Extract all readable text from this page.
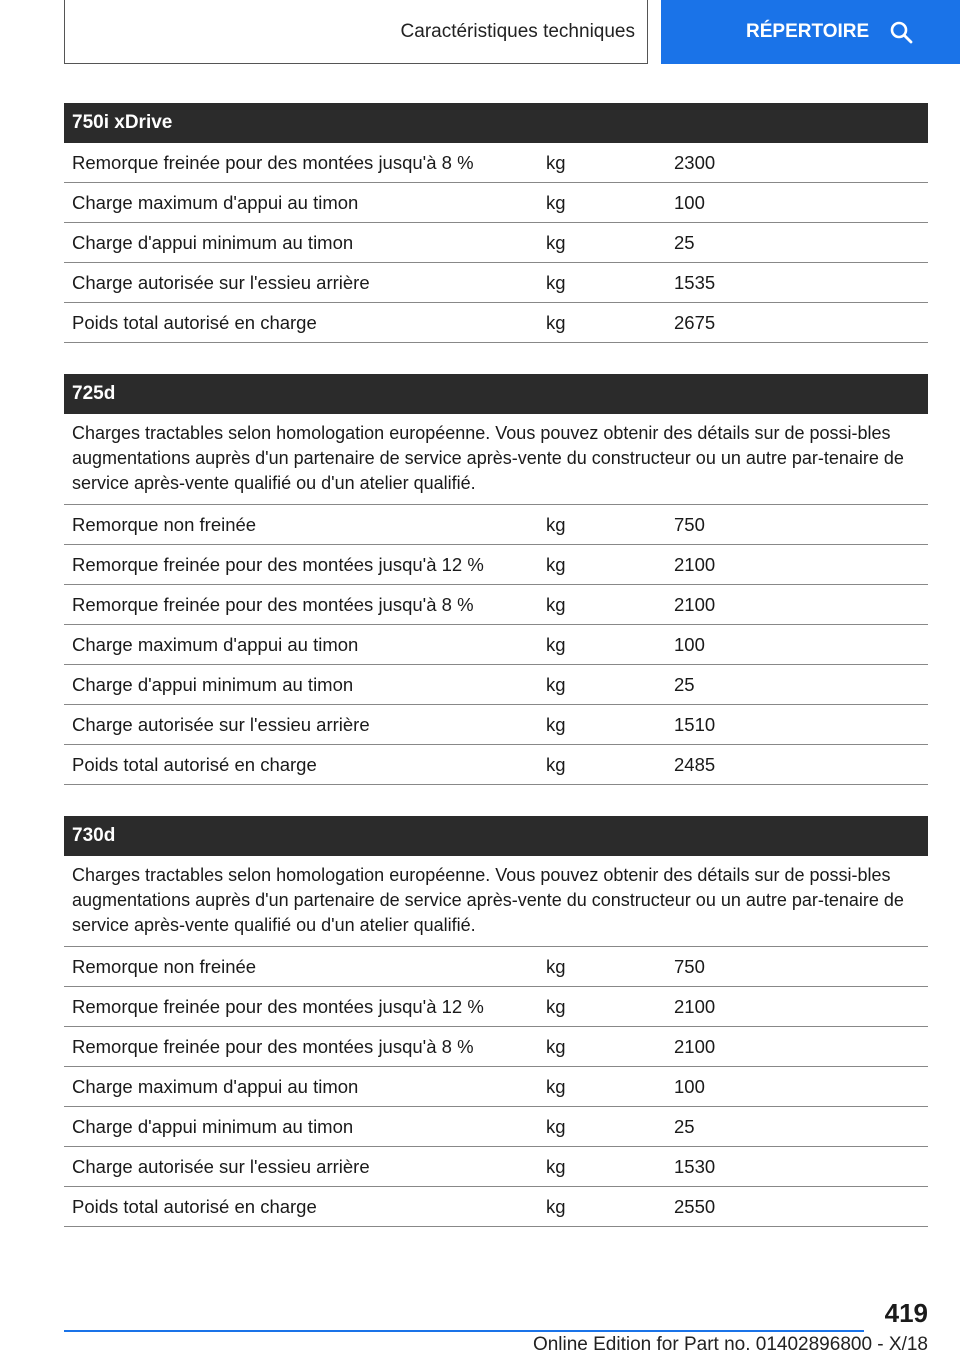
Caractéristiques techniques	RÉPERTOIRE
750i xDrive
Remorque freinée pour des montées jusqu'à 8 %	kg	2300
Charge maximum d'appui au timon	kg	100
Charge d'appui minimum au timon	kg	25
Charge autorisée sur l'essieu arrière	kg	1535
Poids total autorisé en charge	kg	2675
725d
Charges tractables selon homologation européenne. Vous pouvez obtenir des détails sur de possi-bles augmentations auprès d'un partenaire de service après-vente du constructeur ou un autre par-tenaire de service après-vente qualifié ou d'un atelier qualifié.
Remorque non freinée	kg	750
Remorque freinée pour des montées jusqu'à 12 %	kg	2100
Remorque freinée pour des montées jusqu'à 8 %	kg	2100
Charge maximum d'appui au timon	kg	100
Charge d'appui minimum au timon	kg	25
Charge autorisée sur l'essieu arrière	kg	1510
Poids total autorisé en charge	kg	2485
730d
Charges tractables selon homologation européenne. Vous pouvez obtenir des détails sur de possi-bles augmentations auprès d'un partenaire de service après-vente du constructeur ou un autre par-tenaire de service après-vente qualifié ou d'un atelier qualifié.
Remorque non freinée	kg	750
Remorque freinée pour des montées jusqu'à 12 %	kg	2100
Remorque freinée pour des montées jusqu'à 8 %	kg	2100
Charge maximum d'appui au timon	kg	100
Charge d'appui minimum au timon	kg	25
Charge autorisée sur l'essieu arrière	kg	1530
Poids total autorisé en charge	kg	2550
419
Online Edition for Part no. 01402896800 - X/18
